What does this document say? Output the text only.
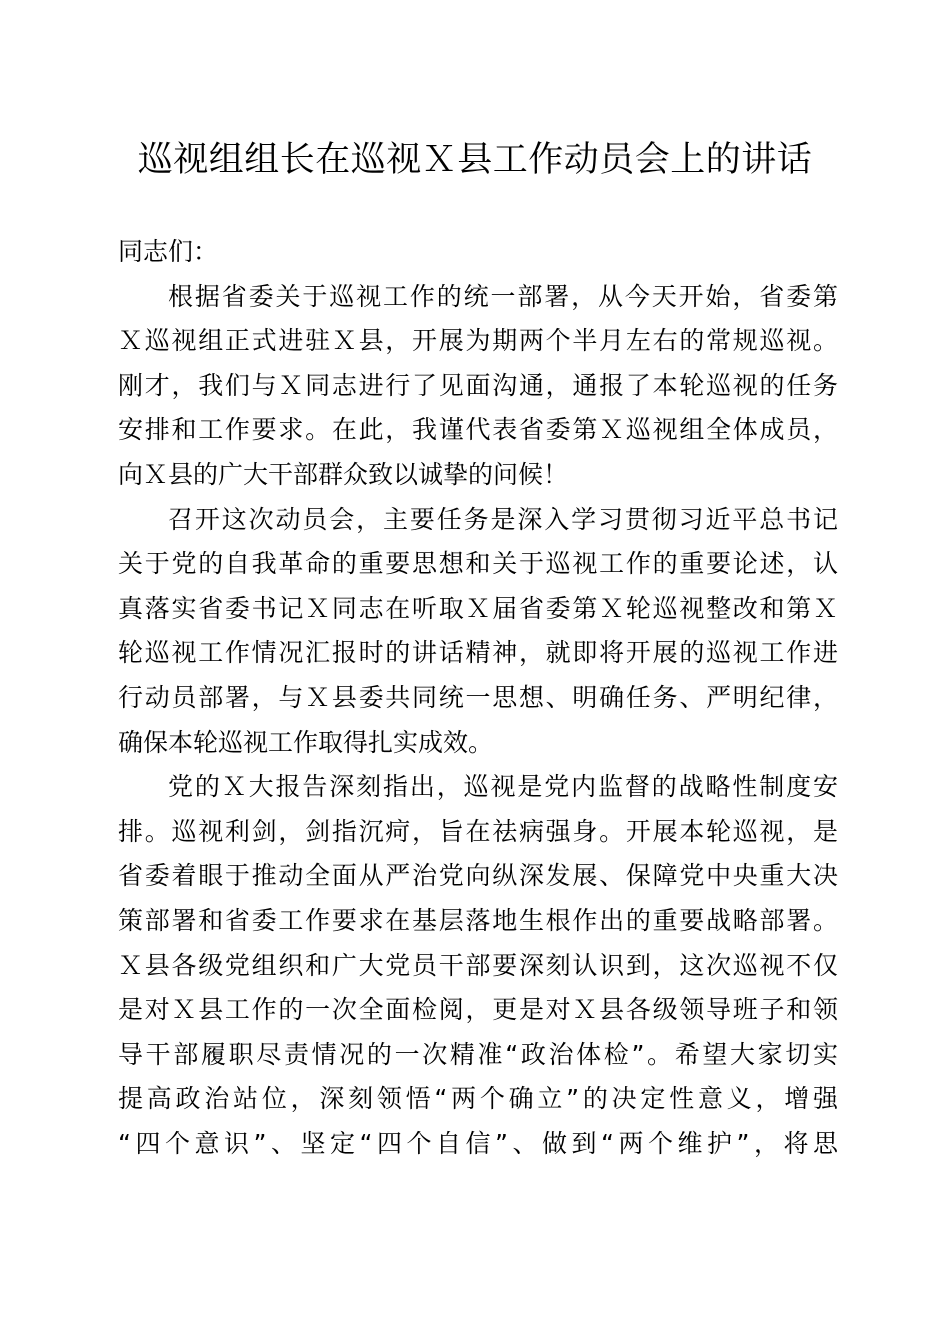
巡视组组长在巡视Ｘ县工作动员会上的讲话
同志们：
根据省委关于巡视工作的统一部署，从今天开始，省委第
Ｘ巡视组正式进驻Ｘ县，开展为期两个半月左右的常规巡视。
刚才，我们与Ｘ同志进行了见面沟通，通报了本轮巡视的任务
安排和工作要求。在此，我谨代表省委第Ｘ巡视组全体成员，
向Ｘ县的广大干部群众致以诚挚的问候！
召开这次动员会，主要任务是深入学习贯彻习近平总书记
关于党的自我革命的重要思想和关于巡视工作的重要论述，认
真落实省委书记Ｘ同志在听取Ｘ届省委第Ｘ轮巡视整改和第Ｘ
轮巡视工作情况汇报时的讲话精神，就即将开展的巡视工作进
行动员部署，与Ｘ县委共同统一思想、明确任务、严明纪律，
确保本轮巡视工作取得扎实成效。
党的Ｘ大报告深刻指出，巡视是党内监督的战略性制度安
排。巡视利剑，剑指沉疴，旨在祛病强身。开展本轮巡视，是
省委着眼于推动全面从严治党向纵深发展、保障党中央重大决
策部署和省委工作要求在基层落地生根作出的重要战略部署。
Ｘ县各级党组织和广大党员干部要深刻认识到，这次巡视不仅
是对Ｘ县工作的一次全面检阅，更是对Ｘ县各级领导班子和领
导干部履职尽责情况的一次精准“政治体检”。希望大家切实
提高政治站位，深刻领悟“两个确立”的决定性意义，增强
“四个意识”、坚定“四个自信”、做到“两个维护”，将思
